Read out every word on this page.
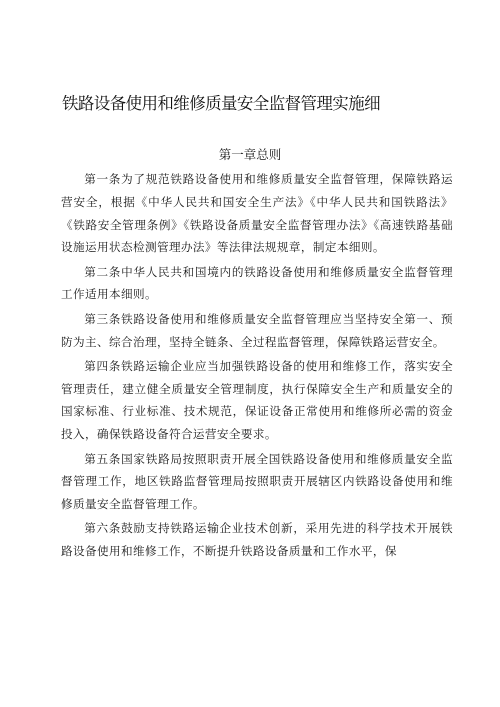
铁路设备使用和维修质量安全监督管理实施细
第一章总则

第一条为了规范铁路设备使用和维修质量安全监督管理，保障铁路运营安全，根据《中华人民共和国安全生产法》《中华人民共和国铁路法》《铁路安全管理条例》《铁路设备质量安全监督管理办法》《高速铁路基础设施运用状态检测管理办法》等法律法规规章，制定本细则。

第二条中华人民共和国境内的铁路设备使用和维修质量安全监督管理工作适用本细则。

第三条铁路设备使用和维修质量安全监督管理应当坚持安全第一、预防为主、综合治理，坚持全链条、全过程监督管理，保障铁路运营安全。

第四条铁路运输企业应当加强铁路设备的使用和维修工作，落实安全管理责任，建立健全质量安全管理制度，执行保障安全生产和质量安全的国家标准、行业标准、技术规范，保证设备正常使用和维修所必需的资金投入，确保铁路设备符合运营安全要求。

第五条国家铁路局按照职责开展全国铁路设备使用和维修质量安全监督管理工作，地区铁路监督管理局按照职责开展辖区内铁路设备使用和维修质量安全监督管理工作。

第六条鼓励支持铁路运输企业技术创新，采用先进的科学技术开展铁路设备使用和维修工作，不断提升铁路设备质量和工作水平，保
